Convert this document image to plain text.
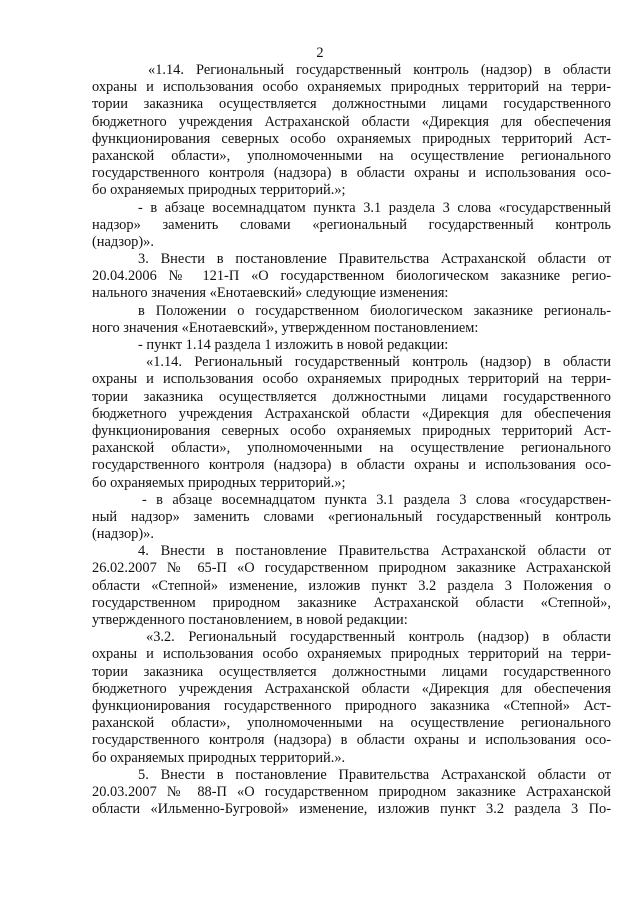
2
«1.14. Региональный государственный контроль (надзор) в области
охраны и использования особо охраняемых природных территорий на терри-
тории заказника осуществляется должностными лицами государственного
бюджетного учреждения Астраханской области «Дирекция для обеспечения
функционирования северных особо охраняемых природных территорий Аст-
раханской области», уполномоченными на осуществление регионального
государственного контроля (надзора) в области охраны и использования осо-
бо охраняемых природных территорий.»;
- в абзаце восемнадцатом пункта 3.1 раздела 3 слова «государственный
надзор» заменить словами «региональный государственный контроль
(надзор)».
3. Внести в постановление Правительства Астраханской области от
20.04.2006 № 121-П «О государственном биологическом заказнике регио-
нального значения «Енотаевский» следующие изменения:
в Положении о государственном биологическом заказнике региональ-
ного значения «Енотаевский», утвержденном постановлением:
- пункт 1.14 раздела 1 изложить в новой редакции:
«1.14. Региональный государственный контроль (надзор) в области
охраны и использования особо охраняемых природных территорий на терри-
тории заказника осуществляется должностными лицами государственного
бюджетного учреждения Астраханской области «Дирекция для обеспечения
функционирования северных особо охраняемых природных территорий Аст-
раханской области», уполномоченными на осуществление регионального
государственного контроля (надзора) в области охраны и использования осо-
бо охраняемых природных территорий.»;
- в абзаце восемнадцатом пункта 3.1 раздела 3 слова «государствен-
ный надзор» заменить словами «региональный государственный контроль
(надзор)».
4. Внести в постановление Правительства Астраханской области от
26.02.2007 № 65-П «О государственном природном заказнике Астраханской
области «Степной» изменение, изложив пункт 3.2 раздела 3 Положения о
государственном природном заказнике Астраханской области «Степной»,
утвержденного постановлением, в новой редакции:
«3.2. Региональный государственный контроль (надзор) в области
охраны и использования особо охраняемых природных территорий на терри-
тории заказника осуществляется должностными лицами государственного
бюджетного учреждения Астраханской области «Дирекция для обеспечения
функционирования государственного природного заказника «Степной» Аст-
раханской области», уполномоченными на осуществление регионального
государственного контроля (надзора) в области охраны и использования осо-
бо охраняемых природных территорий.».
5. Внести в постановление Правительства Астраханской области от
20.03.2007 № 88-П «О государственном природном заказнике Астраханской
области «Ильменно-Бугровой» изменение, изложив пункт 3.2 раздела 3 По-
